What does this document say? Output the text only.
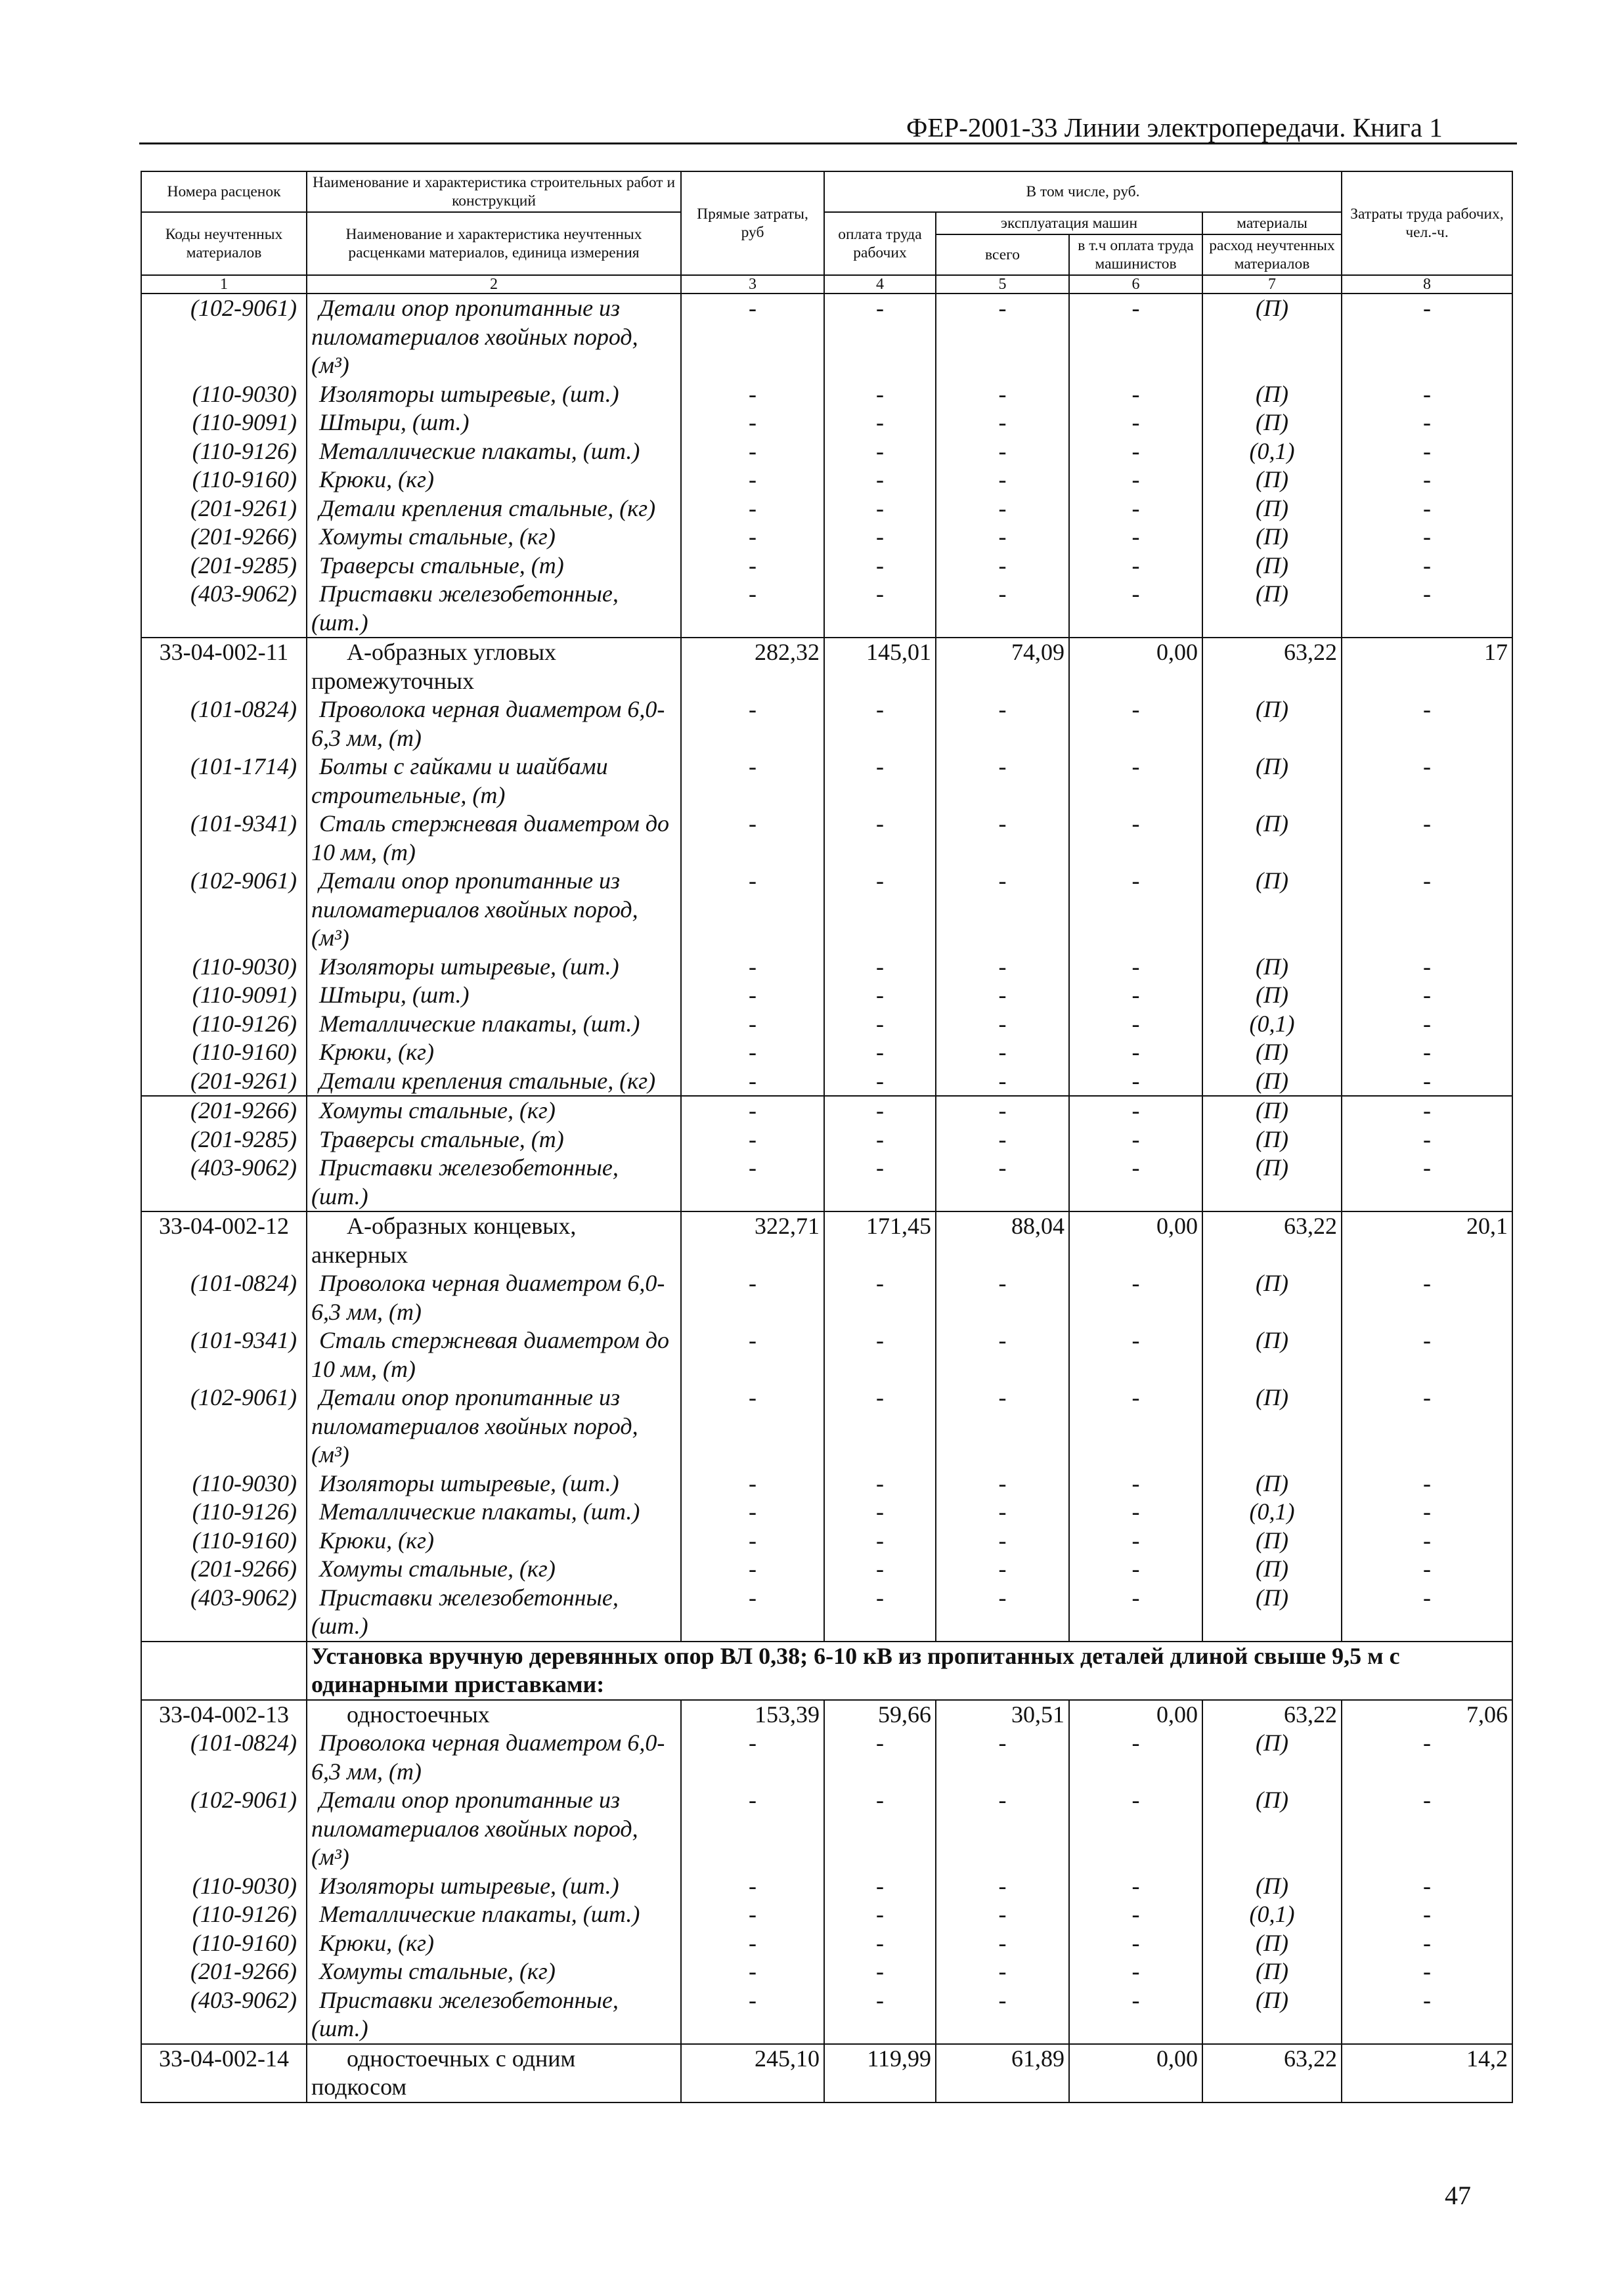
ФЕР-2001-33 Линии электропередачи. Книга 1
Номера расценок	Наименование и характеристика строительных работ и конструкций	Прямые затраты, руб	В том числе, руб.				Затраты труда рабочих, чел.-ч.
Коды неучтенных материалов	Наименование и характеристика неучтенных расценками материалов, единица измерения		оплата труда рабочих	эксплуатация машин		материалы	
				всего	в т.ч оплата труда машинистов	расход неучтенных материалов	

1	2	3	4	5	6	7	8
(102-9061)	Детали опор пропитанные из пиломатериалов хвойных пород, (м³)	-	-	-	-	(П)	-
(110-9030)	Изоляторы штыревые, (шт.)	-	-	-	-	(П)	-
(110-9091)	Штыри, (шт.)	-	-	-	-	(П)	-
(110-9126)	Металлические плакаты, (шт.)	-	-	-	-	(0,1)	-
(110-9160)	Крюки, (кг)	-	-	-	-	(П)	-
(201-9261)	Детали крепления стальные, (кг)	-	-	-	-	(П)	-
(201-9266)	Хомуты стальные, (кг)	-	-	-	-	(П)	-
(201-9285)	Траверсы стальные, (т)	-	-	-	-	(П)	-
(403-9062)	Приставки железобетонные, (шт.)	-	-	-	-	(П)	-
33-04-002-11	А-образных угловых промежуточных	282,32	145,01	74,09	0,00	63,22	17
(101-0824)	Проволока черная диаметром 6,0-6,3 мм, (т)	-	-	-	-	(П)	-
(101-1714)	Болты с гайками и шайбами строительные, (т)	-	-	-	-	(П)	-
(101-9341)	Сталь стержневая диаметром до 10 мм, (т)	-	-	-	-	(П)	-
(102-9061)	Детали опор пропитанные из пиломатериалов хвойных пород, (м³)	-	-	-	-	(П)	-
(110-9030)	Изоляторы штыревые, (шт.)	-	-	-	-	(П)	-
(110-9091)	Штыри, (шт.)	-	-	-	-	(П)	-
(110-9126)	Металлические плакаты, (шт.)	-	-	-	-	(0,1)	-
(110-9160)	Крюки, (кг)	-	-	-	-	(П)	-
(201-9261)	Детали крепления стальные, (кг)	-	-	-	-	(П)	-
(201-9266)	Хомуты стальные, (кг)	-	-	-	-	(П)	-
(201-9285)	Траверсы стальные, (т)	-	-	-	-	(П)	-
(403-9062)	Приставки железобетонные, (шт.)	-	-	-	-	(П)	-
33-04-002-12	А-образных концевых, анкерных	322,71	171,45	88,04	0,00	63,22	20,1
(101-0824)	Проволока черная диаметром 6,0-6,3 мм, (т)	-	-	-	-	(П)	-
(101-9341)	Сталь стержневая диаметром до 10 мм, (т)	-	-	-	-	(П)	-
(102-9061)	Детали опор пропитанные из пиломатериалов хвойных пород, (м³)	-	-	-	-	(П)	-
(110-9030)	Изоляторы штыревые, (шт.)	-	-	-	-	(П)	-
(110-9126)	Металлические плакаты, (шт.)	-	-	-	-	(0,1)	-
(110-9160)	Крюки, (кг)	-	-	-	-	(П)	-
(201-9266)	Хомуты стальные, (кг)	-	-	-	-	(П)	-
(403-9062)	Приставки железобетонные, (шт.)	-	-	-	-	(П)	-
	Установка вручную деревянных опор ВЛ 0,38; 6-10 кВ из пропитанных деталей длиной свыше 9,5 м с одинарными приставками:						
33-04-002-13	одностоечных	153,39	59,66	30,51	0,00	63,22	7,06
(101-0824)	Проволока черная диаметром 6,0-6,3 мм, (т)	-	-	-	-	(П)	-
(102-9061)	Детали опор пропитанные из пиломатериалов хвойных пород, (м³)	-	-	-	-	(П)	-
(110-9030)	Изоляторы штыревые, (шт.)	-	-	-	-	(П)	-
(110-9126)	Металлические плакаты, (шт.)	-	-	-	-	(0,1)	-
(110-9160)	Крюки, (кг)	-	-	-	-	(П)	-
(201-9266)	Хомуты стальные, (кг)	-	-	-	-	(П)	-
(403-9062)	Приставки железобетонные, (шт.)	-	-	-	-	(П)	-
33-04-002-14	одностоечных с одним подкосом	245,10	119,99	61,89	0,00	63,22	14,2

47
